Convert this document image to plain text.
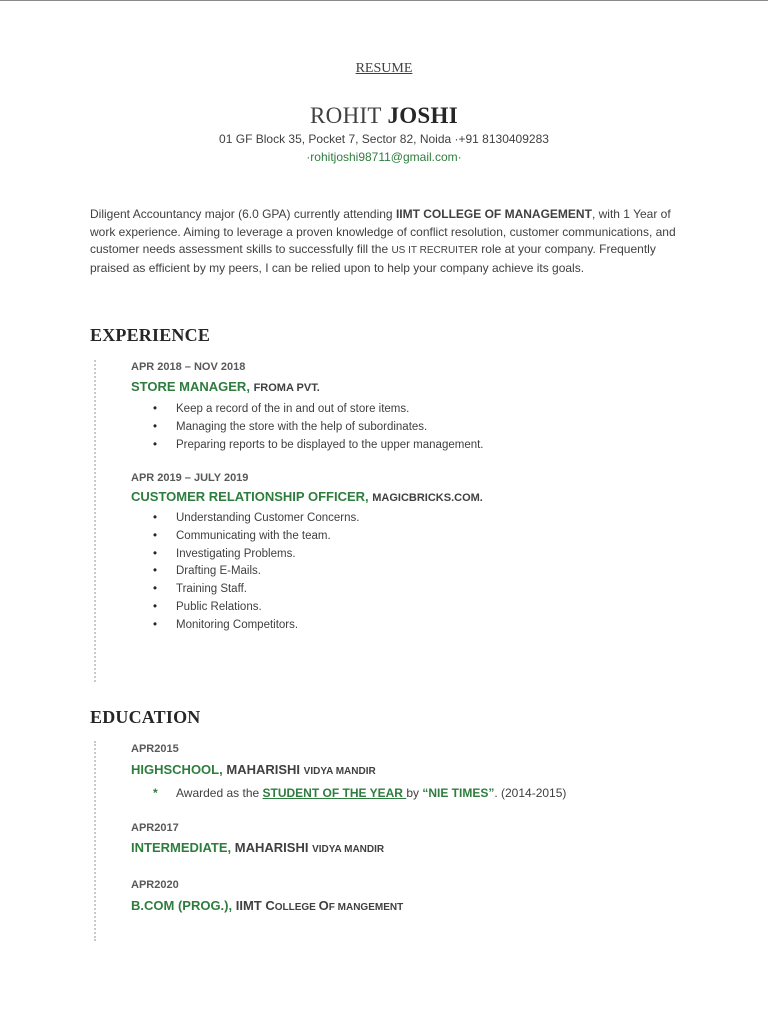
RESUME
ROHIT JOSHI
01 GF Block 35, Pocket 7, Sector 82, Noida ·+91 8130409283
·rohitjoshi98711@gmail.com·
Diligent Accountancy major (6.0 GPA) currently attending IIMT COLLEGE OF MANAGEMENT, with 1 Year of work experience. Aiming to leverage a proven knowledge of conflict resolution, customer communications, and customer needs assessment skills to successfully fill the US IT RECRUITER role at your company. Frequently praised as efficient by my peers, I can be relied upon to help your company achieve its goals.
EXPERIENCE
APR 2018 – NOV 2018
STORE MANAGER, FROMA PVT.
• Keep a record of the in and out of store items.
• Managing the store with the help of subordinates.
• Preparing reports to be displayed to the upper management.
APR 2019 – JULY 2019
CUSTOMER RELATIONSHIP OFFICER, MAGICBRICKS.COM.
• Understanding Customer Concerns.
• Communicating with the team.
• Investigating Problems.
• Drafting E-Mails.
• Training Staff.
• Public Relations.
• Monitoring Competitors.
EDUCATION
APR2015
HIGHSCHOOL, MAHARISHI VIDYA MANDIR
* Awarded as the STUDENT OF THE YEAR by “NIE TIMES”. (2014-2015)
APR2017
INTERMEDIATE, MAHARISHI VIDYA MANDIR
APR2020
B.COM (PROG.), IIMT COLLEGE OF MANGEMENT
